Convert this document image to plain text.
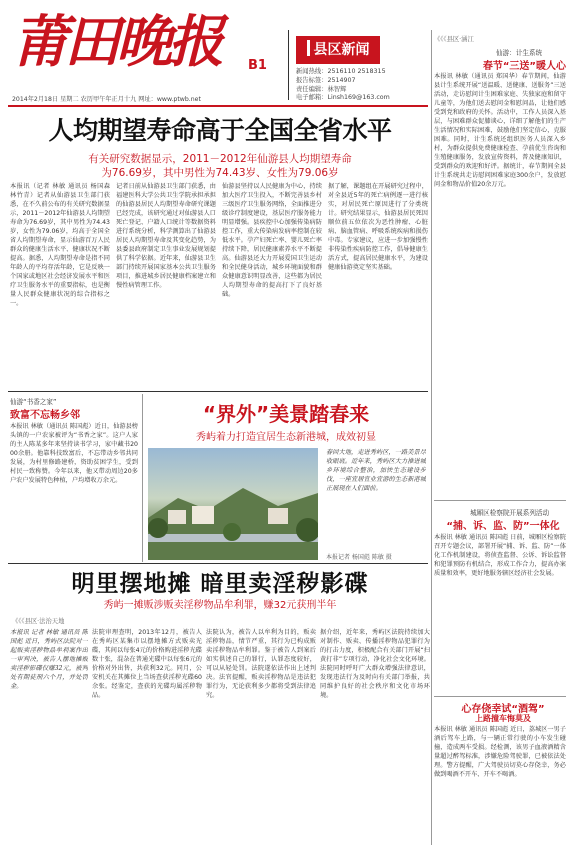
莆田晚报	B1
县区新闻
新闻热线：2516110 2518315
报告标签：2514907
责任编辑：林智辉
电子邮箱：Linsh169@163.com
2014年2月18日 星期二 农历甲午年正月十九 网址：www.ptwb.net
人均期望寿命高于全国全省水平
有关研究数据显示，2011－2012年仙游县人均期望寿命
为76.69岁，其中男性为74.43岁、女性为79.06岁
本报讯（记者 林敏 通讯员 杨国森 林竹青）记者从仙游县卫生部门获悉，在不久前公布的有关研究数据显示，2011－2012年仙游县人均期望寿命为76.69岁，其中男性为74.43岁，女性为79.06岁，均高于全国全省人均期望寿命，显示仙游百万人民群众的健康生活水平、健康状况不断提高。据悉，人均期望寿命是指不同年龄人的平均存活年龄，它是反映一个国家或地区社会经济发展水平和医疗卫生服务水平的重要指标，也是衡量人民群众健康状况的综合指标之一。
记者日前从仙游县卫生部门获悉，由福建医科大学公共卫生学院承担承担的仙游县居民人均期望寿命研究课题已经完成，该研究通过对仙游县人口死亡登记、户籍人口统计等数据资料进行系统分析，科学测算出了仙游县居民人均期望寿命及其变化趋势，为县委县政府制定卫生事业发展规划提供了科学依据。近年来，仙游县卫生部门持续开展国家基本公共卫生服务项目，推进城乡居民健康档案建立和慢性病管理工作。
仙游县坚持以人民健康为中心，持续加大医疗卫生投入，不断完善县乡村三级医疗卫生服务网络，全面推进分级诊疗制度建设，基层医疗服务能力明显增强。县疾控中心加强传染病防控工作，重大传染病发病率控制在较低水平。孕产妇死亡率、婴儿死亡率持续下降，居民健康素养水平不断提高。仙游县还大力开展爱国卫生运动和全民健身活动，城乡环境面貌和群众健康意识明显改善，这些都为居民人均期望寿命的提高打下了良好基础。
据了解，课题组在开展研究过程中，对全县近5年的死亡病例逐一进行核实，对居民死亡原因进行了分类统计。研究结果显示，仙游县居民死因顺位前五位依次为恶性肿瘤、心脏病、脑血管病、呼吸系统疾病和损伤中毒。专家建议，应进一步加强慢性非传染性疾病防控工作，倡导健康生活方式，提高居民健康水平，为建设健康仙游奠定坚实基础。
仙游“书香之家”
致富不忘畅乡邻
本报讯 林敏（通讯员 陈国彪）近日，仙游县榜头镇的一户农家被评为“书香之家”。这户人家的主人陈某多年来坚持读书学习，家中藏书2000余册。他靠科技致富后，不忘带动乡邻共同发展，为村里修路建桥，资助贫困学生，受到村民一致称赞。今年以来，他又带动周边20多户农户发展特色种植，户均增收万余元。
“界外”美景踏春来
秀屿着力打造宜居生态新港城，成效初显
春回大地，走进秀屿区，一路美景尽收眼底。近年来，秀屿区大力推进城乡环境综合整治，加快生态建设步伐，一座宜居宜业宜游的生态新港城正展现在人们面前。
本报记者 杨国彪 陈敏 摄
明里摆地摊 暗里卖淫秽影碟
秀屿一摊贩涉贩卖淫秽物品牟利罪，赚32元获刑半年
《《《县区·法治天地
本报讯 记者 林敏 通讯员 陈国彪 近日，秀屿区法院对一起贩卖淫秽物品牟利案作出一审判决，被告人摆地摊贩卖淫秽影碟仅赚32元，被判处有期徒刑六个月，并处罚金。
法院审理查明，2013年12月，被告人在秀屿区某集市以摆地摊方式贩卖光碟，其间以每张4元的价格购进淫秽光碟数十张，混杂在普通光碟中以每张6元的价格对外出售，共获利32元。同月，公安机关在其摊位上当场查获淫秽光碟60余张。经鉴定，查获的光碟均属淫秽物品。
法院认为，被告人以牟利为目的，贩卖淫秽物品，情节严重，其行为已构成贩卖淫秽物品牟利罪。鉴于被告人到案后如实供述自己的罪行，认罪态度较好，可以从轻处罚。法院遂依法作出上述判决。法官提醒，贩卖淫秽物品是违法犯罪行为，无论获利多少都将受到法律追究。
据介绍，近年来，秀屿区法院持续加大对制作、贩卖、传播淫秽物品犯罪行为的打击力度，积极配合有关部门开展“扫黄打非”专项行动，净化社会文化环境。法院同时呼吁广大群众增强法律意识，发现违法行为及时向有关部门举报，共同维护良好的社会秩序和文化市场环境。
《《《县区·涵江
仙游：计生系统
春节“三送”暖人心
本报讯 林敏（通讯员 郑国华）春节期间，仙游县计生系统开展“送温暖、送健康、送服务”三送活动，走访慰问计生困难家庭、失独家庭和留守儿童等，为他们送去慰问金和慰问品，让他们感受到党和政府的关怀。活动中，工作人员深入基层，与困难群众促膝谈心，详细了解他们的生产生活情况和实际困难，鼓励他们坚定信心，克服困难。同时，计生系统还组织医务人员深入乡村，为群众提供免费健康检查、孕前优生咨询和生殖健康服务，发放宣传资料，普及健康知识，受到群众的欢迎和好评。据统计，春节期间全县计生系统共走访慰问困难家庭300余户，发放慰问金和物品价值20余万元。
城厢区检察院开展系列活动
“捕、诉、监、防”一体化
本报讯 林敏 通讯员 陈国彪 日前，城厢区检察院召开专题会议，部署开展“捕、诉、监、防”一体化工作机制建设，将侦查监督、公诉、诉讼监督和犯罪预防有机结合，形成工作合力，提高办案质量和效率，更好地服务辖区经济社会发展。
心存侥幸试“酒驾”
上路撞车悔莫及
本报讯 林敏 通讯员 陈国彪 近日，荔城区一男子酒后驾车上路，与一辆正常行驶的小车发生碰撞，造成两车受损。经检测，该男子血液酒精含量超过醉驾标准，涉嫌危险驾驶罪，已被依法处理。警方提醒，广大驾驶员切莫心存侥幸，务必做到喝酒不开车、开车不喝酒。
